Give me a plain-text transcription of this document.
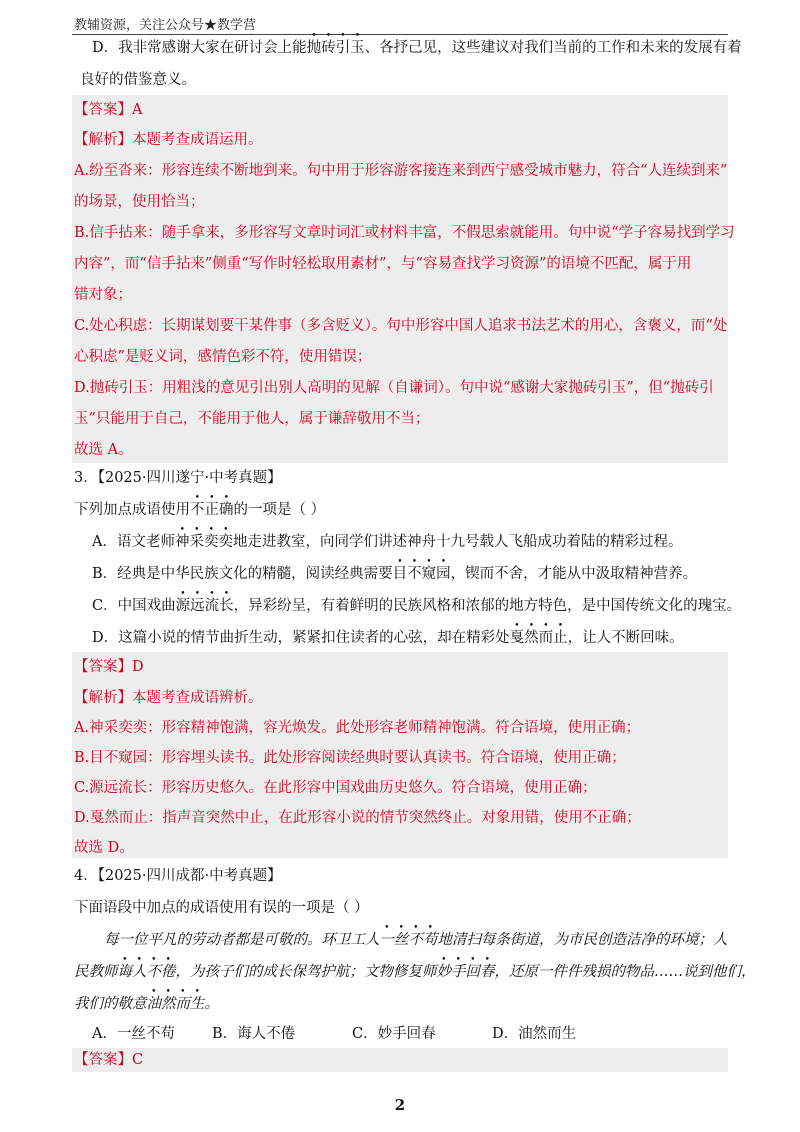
教辅资源，关注公众号★教学营
D．我非常感谢大家在研讨会上能抛砖引玉、各抒己见，这些建议对我们当前的工作和未来的发展有着
良好的借鉴意义。
【答案】A
【解析】本题考查成语运用。
A.纷至沓来：形容连续不断地到来。句中用于形容游客接连来到西宁感受城市魅力，符合“人连续到来”
的场景，使用恰当；
B.信手拈来：随手拿来，多形容写文章时词汇或材料丰富，不假思索就能用。句中说“学子容易找到学习
内容”，而“信手拈来”侧重“写作时轻松取用素材”，与“容易查找学习资源”的语境不匹配，属于用
错对象；
C.处心积虑：长期谋划要干某件事（多含贬义）。句中形容中国人追求书法艺术的用心，含褒义，而“处
心积虑”是贬义词，感情色彩不符，使用错误；
D.抛砖引玉：用粗浅的意见引出别人高明的见解（自谦词）。句中说“感谢大家抛砖引玉”，但“抛砖引
玉”只能用于自己，不能用于他人，属于谦辞敬用不当；
故选 A。
3．【2025·四川遂宁·中考真题】
下列加点成语使用不正确的一项是（ ）
A．语文老师神采奕奕地走进教室，向同学们讲述神舟十九号载人飞船成功着陆的精彩过程。
B．经典是中华民族文化的精髓，阅读经典需要目不窥园，锲而不舍，才能从中汲取精神营养。
C．中国戏曲源远流长，异彩纷呈，有着鲜明的民族风格和浓郁的地方特色，是中国传统文化的瑰宝。
D．这篇小说的情节曲折生动，紧紧扣住读者的心弦，却在精彩处戛然而止，让人不断回味。
【答案】D
【解析】本题考查成语辨析。
A.神采奕奕：形容精神饱满，容光焕发。此处形容老师精神饱满。符合语境，使用正确；
B.目不窥园：形容埋头读书。此处形容阅读经典时要认真读书。符合语境，使用正确；
C.源远流长：形容历史悠久。在此形容中国戏曲历史悠久。符合语境，使用正确；
D.戛然而止：指声音突然中止，在此形容小说的情节突然终止。对象用错，使用不正确；
故选 D。
4．【2025·四川成都·中考真题】
下面语段中加点的成语使用有误的一项是（ ）
每一位平凡的劳动者都是可敬的。环卫工人一丝不苟地清扫每条街道，为市民创造洁净的环境；人
民教师诲人不倦，为孩子们的成长保驾护航；文物修复师妙手回春，还原一件件残损的物品……说到他们，
我们的敬意油然而生。
A．一丝不苟	B．诲人不倦	C．妙手回春	D．油然而生
【答案】C
2
